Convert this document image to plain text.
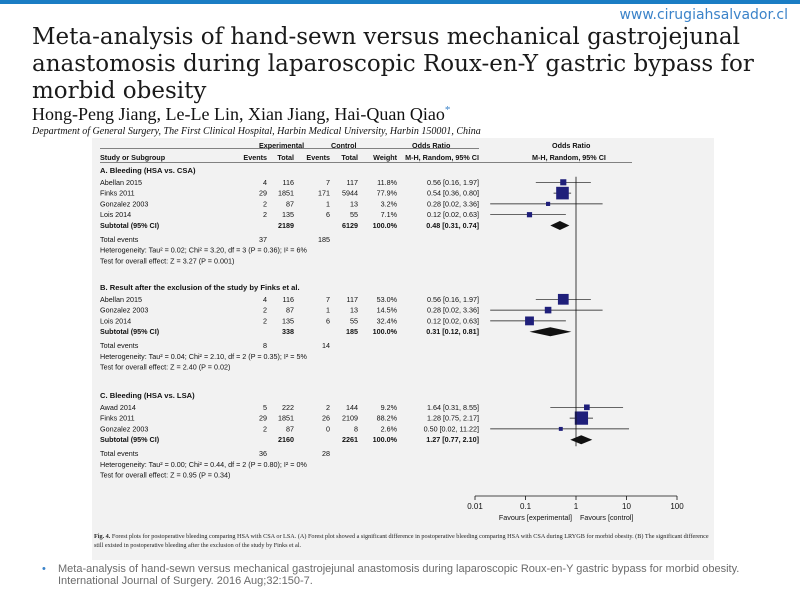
www.cirugiahsalvador.cl
Meta-analysis of hand-sewn versus mechanical gastrojejunal anastomosis during laparoscopic Roux-en-Y gastric bypass for morbid obesity
Hong-Peng Jiang, Le-Le Lin, Xian Jiang, Hai-Quan Qiao*
Department of General Surgery, The First Clinical Hospital, Harbin Medical University, Harbin 150001, China
Experimental	Control	Odds Ratio	Odds Ratio
Study or Subgroup	Events Total Events Total Weight M-H, Random, 95% CI	M-H, Random, 95% CI
A. Bleeding (HSA vs. CSA)
Abellan 2015	4 116	7 117	11.8%	0.56 [0.16, 1.97]
Finks 2011	29 1851	171 5944	77.9%	0.54 [0.36, 0.80]
Gonzalez 2003	2	87	1	13	3.2%	0.28 [0.02, 3.36]
Lois 2014	2 135	6	55	7.1%	0.12 [0.02, 0.63]
Subtotal (95% CI)	2189	6129 100.0%	0.48 [0.31, 0.74]
Total events	37	185
Heterogeneity: Tau² = 0.02; Chi² = 3.20, df = 3 (P = 0.36); I² = 6%
Test for overall effect: Z = 3.27 (P = 0.001)
B. Result after the exclusion of the study by Finks et al.
Abellan 2015	4 116	7 117	53.0%	0.56 [0.16, 1.97]
Gonzalez 2003	2	87	1	13	14.5%	0.28 [0.02, 3.36]
Lois 2014	2 135	6	55	32.4%	0.12 [0.02, 0.63]
Subtotal (95% CI)	338	185 100.0%	0.31 [0.12, 0.81]
Total events	8	14
Heterogeneity: Tau² = 0.04; Chi² = 2.10, df = 2 (P = 0.35); I² = 5%
Test for overall effect: Z = 2.40 (P = 0.02)
C. Bleeding (HSA vs. LSA)
Awad 2014	5 222	2 144	9.2%	1.64 [0.31, 8.55]
Finks 2011	29 1851	26 2109	88.2%	1.28 [0.75, 2.17]
Gonzalez 2003	2	87	0	8	2.6%	0.50 [0.02, 11.22]
Subtotal (95% CI)	2160	2261 100.0%	1.27 [0.77, 2.10]
Total events	36	28
Heterogeneity: Tau² = 0.00; Chi² = 0.44, df = 2 (P = 0.80); I² = 0%
Test for overall effect: Z = 0.95 (P = 0.34)
0.01	0.1	1	10	100
Favours [experimental] Favours [control]
Fig. 4. Forest plots for postoperative bleeding comparing HSA with CSA or LSA. (A) Forest plot showed a significant difference in postoperative bleeding comparing HSA with CSA during LRYGB for morbid obesity. (B) The significant difference still existed in postoperative bleeding after the exclusion of the study by Finks et al.
• Meta-analysis of hand-sewn versus mechanical gastrojejunal anastomosis during laparoscopic Roux-en-Y gastric bypass for morbid obesity. International Journal of Surgery. 2016 Aug;32:150-7.
